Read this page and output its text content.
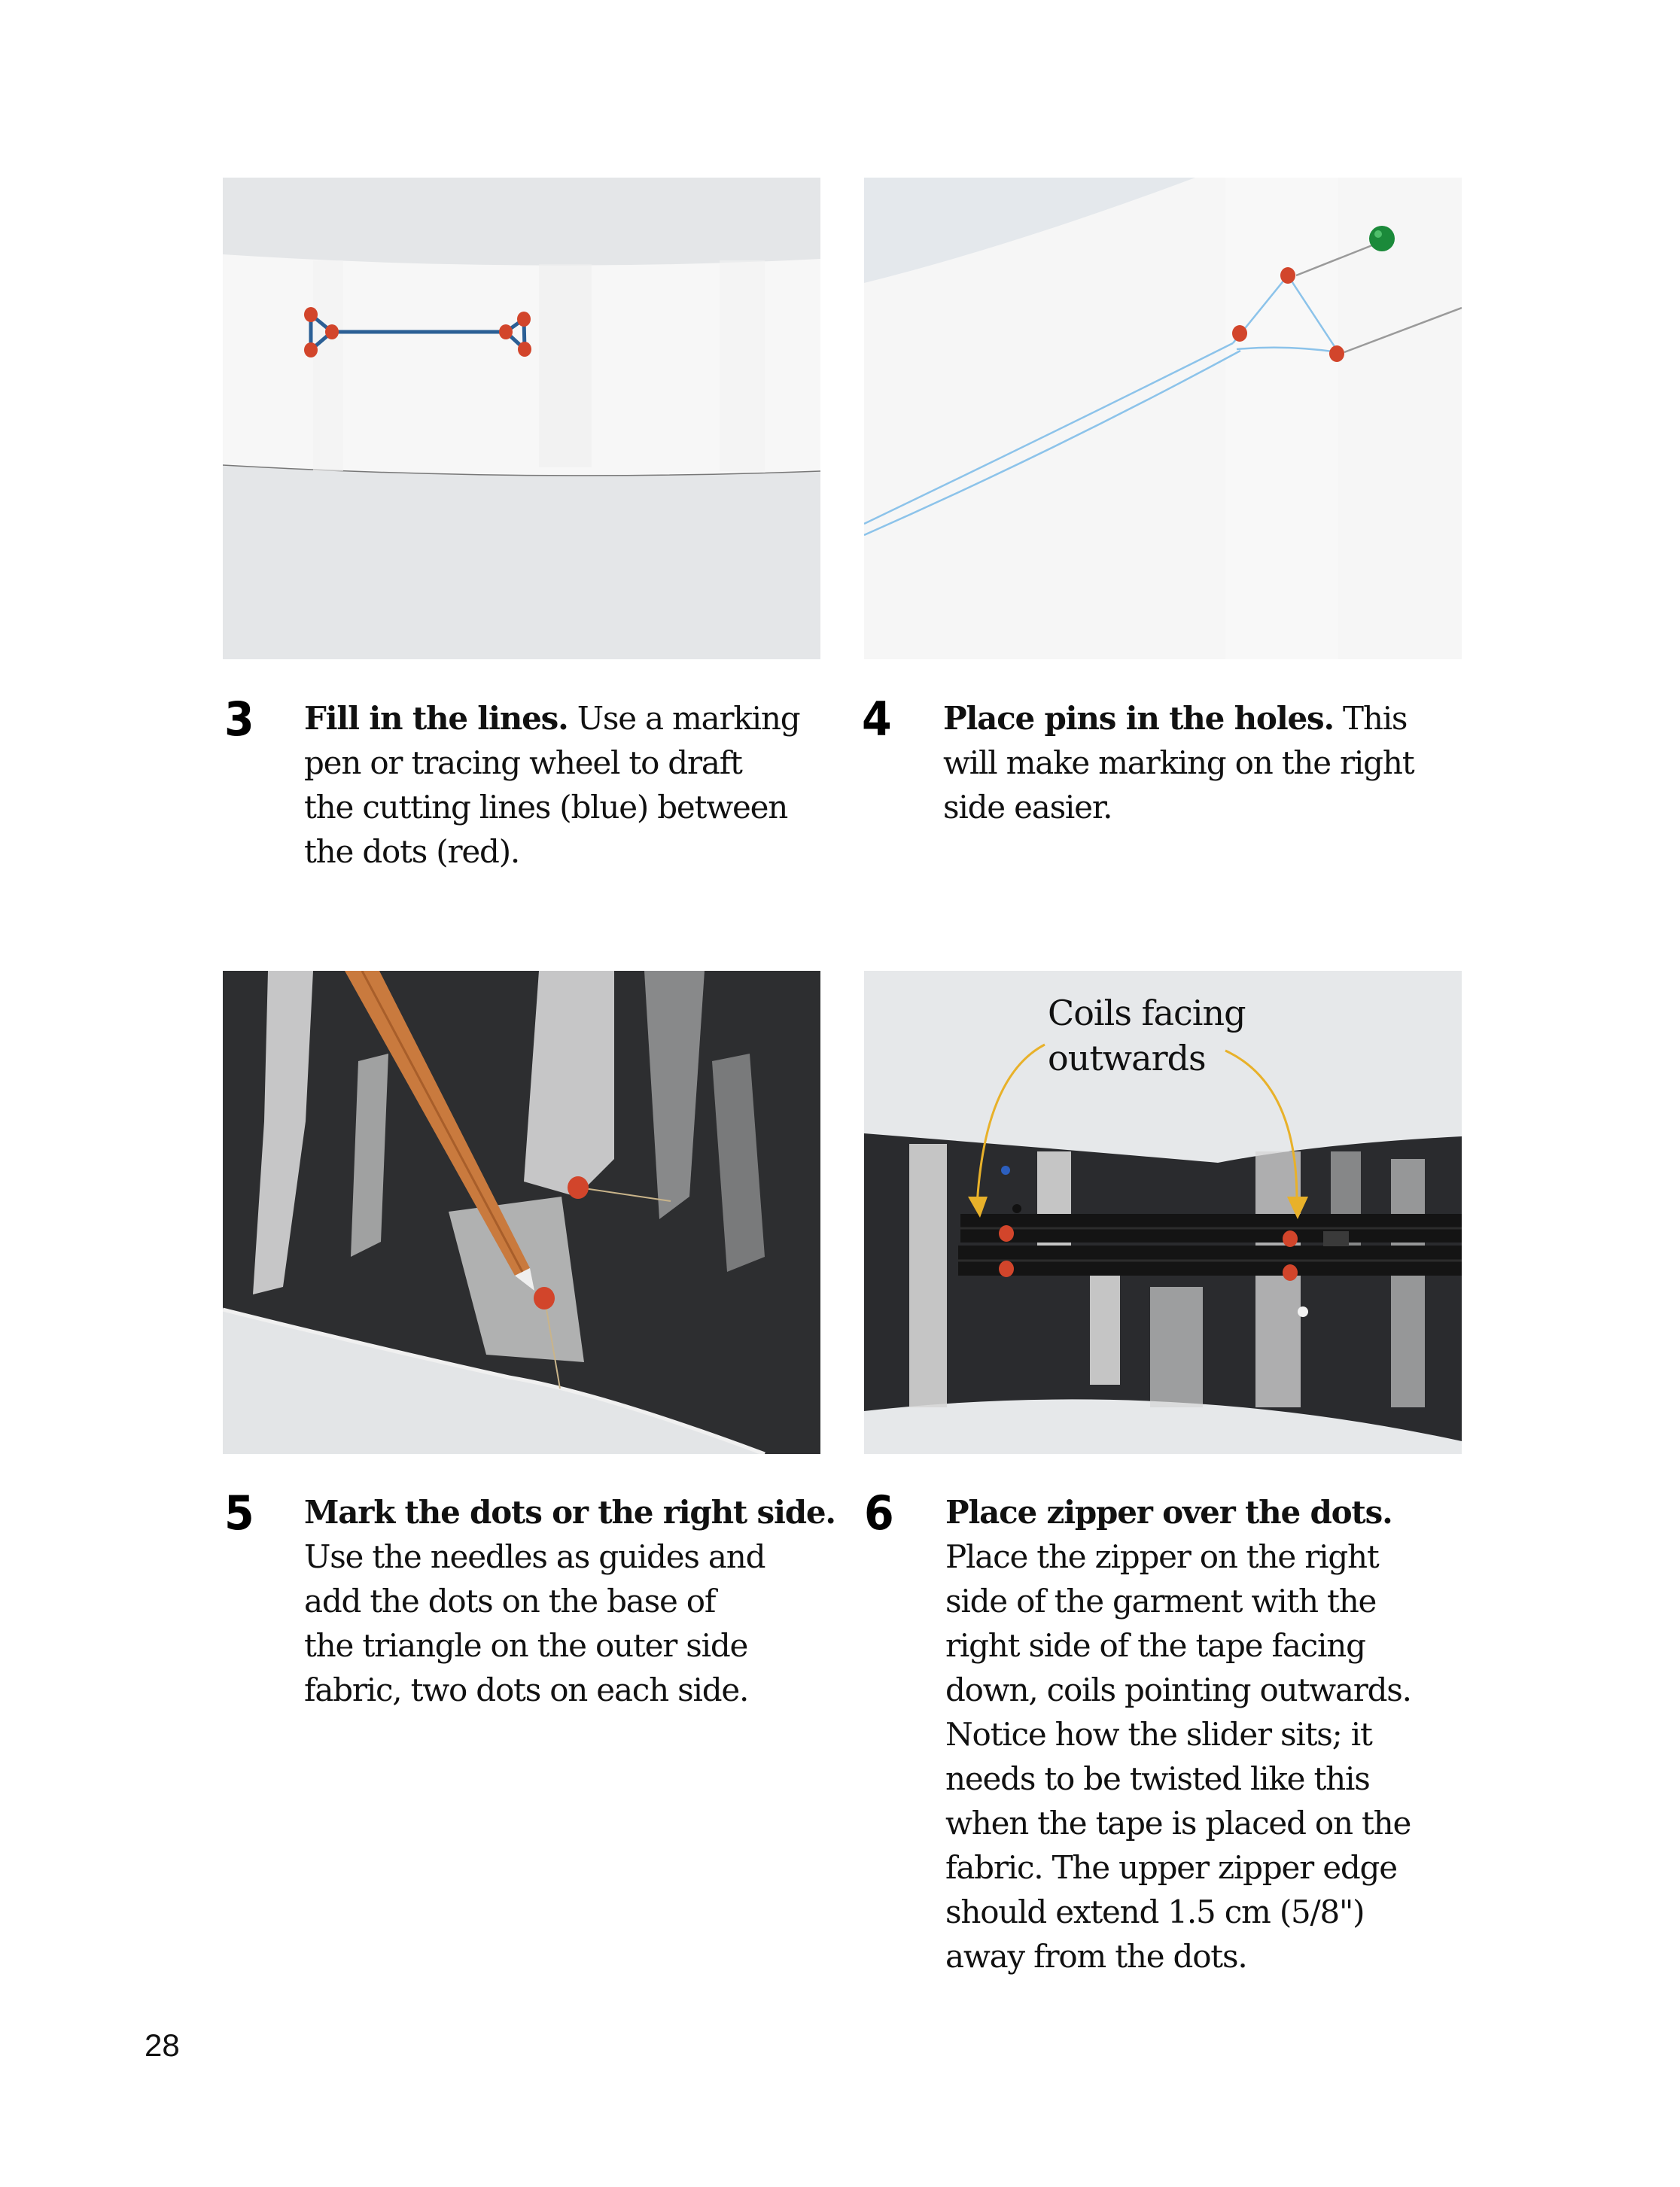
Coils facing
outwards
3 Fill in the lines. Use a marking
pen or tracing wheel to draft
the cutting lines (blue) between
the dots (red).
4 Place pins in the holes. This
will make marking on the right
side easier.
5 Mark the dots or the right side.
Use the needles as guides and
add the dots on the base of
the triangle on the outer side
fabric, two dots on each side.
6 Place zipper over the dots.
Place the zipper on the right
side of the garment with the
right side of the tape facing
down, coils pointing outwards.
Notice how the slider sits; it
needs to be twisted like this
when the tape is placed on the
fabric. The upper zipper edge
should extend 1.5 cm (5/8")
away from the dots.
28
